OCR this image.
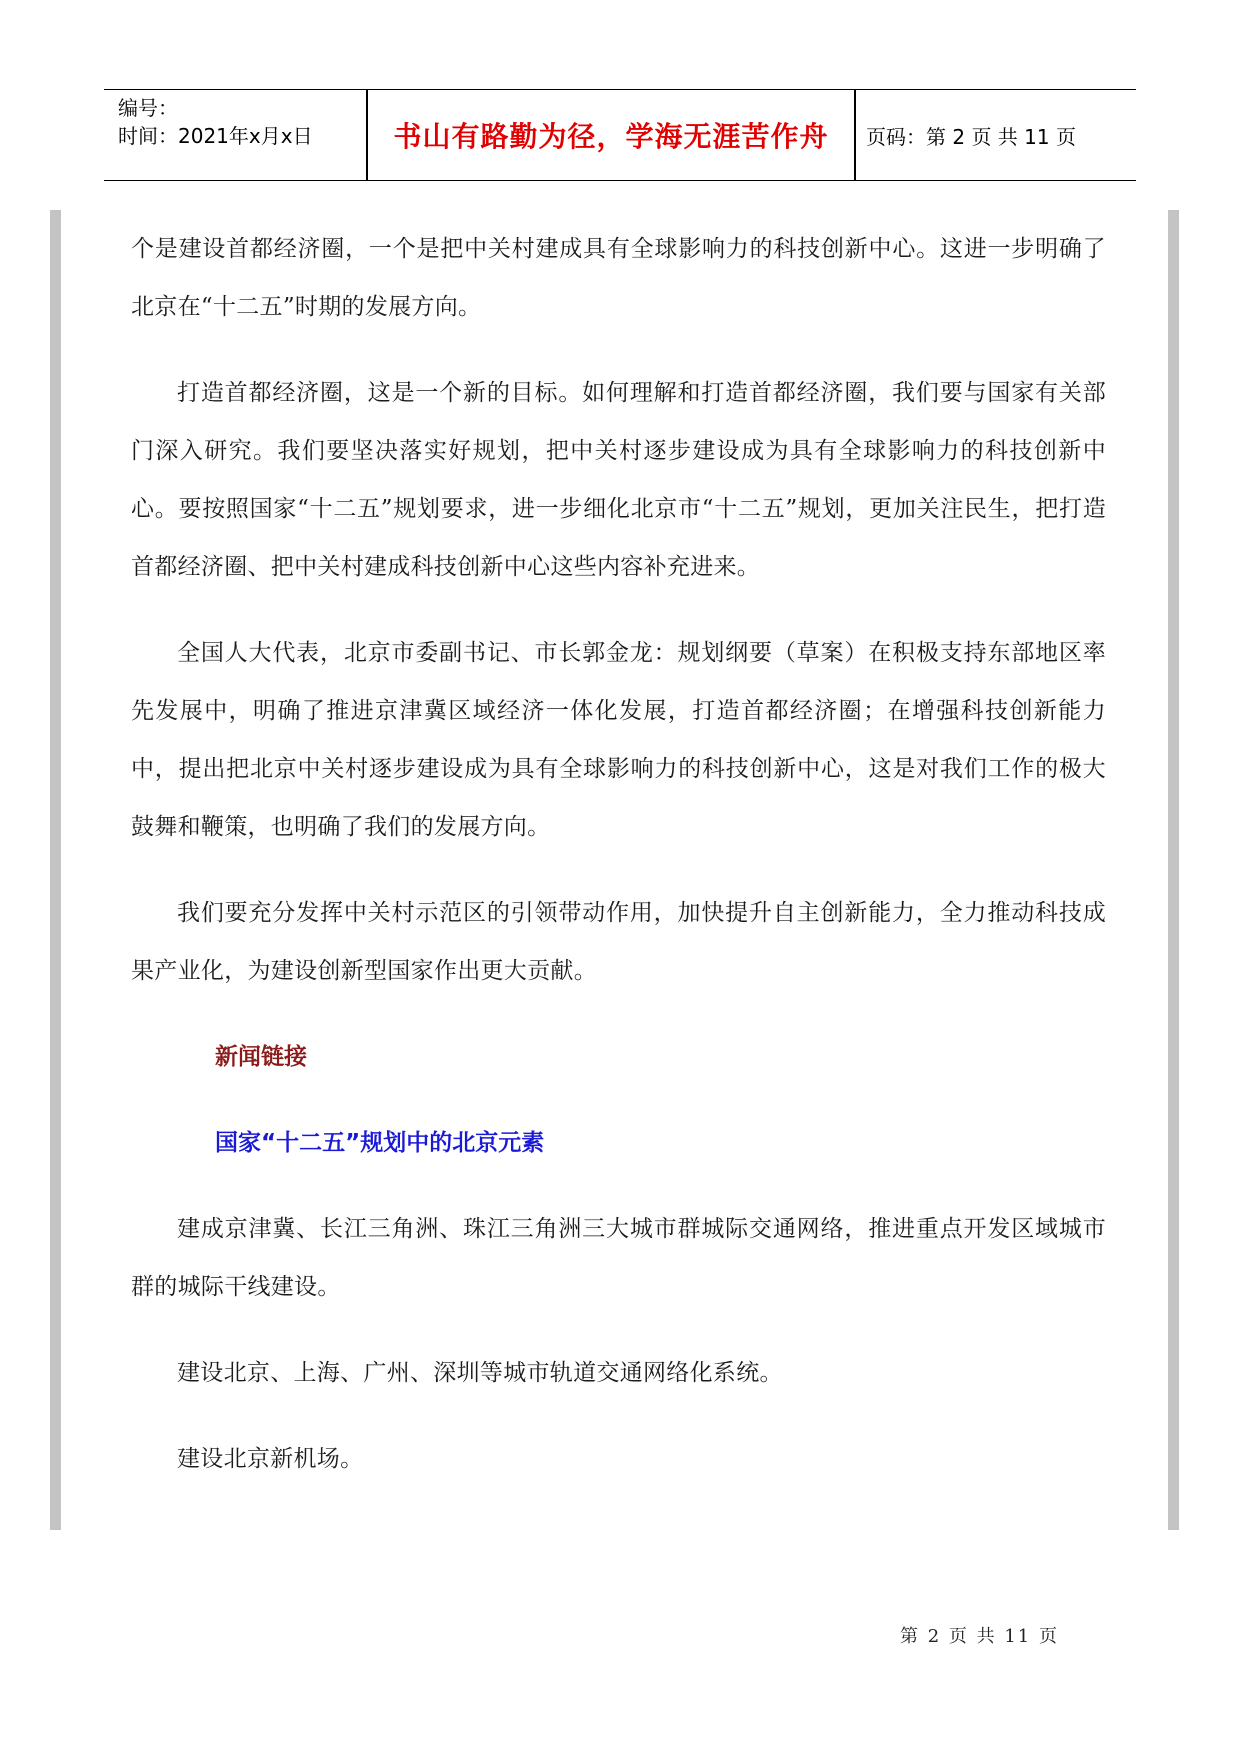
编号：
时间：2021年x月x日	书山有路勤为径，学海无涯苦作舟	页码：第 2 页 共 11 页

个是建设首都经济圈，一个是把中关村建成具有全球影响力的科技创新中心。这进一步明确了北京在“十二五”时期的发展方向。

打造首都经济圈，这是一个新的目标。如何理解和打造首都经济圈，我们要与国家有关部门深入研究。我们要坚决落实好规划，把中关村逐步建设成为具有全球影响力的科技创新中心。要按照国家“十二五”规划要求，进一步细化北京市“十二五”规划，更加关注民生，把打造首都经济圈、把中关村建成科技创新中心这些内容补充进来。

全国人大代表，北京市委副书记、市长郭金龙：规划纲要（草案）在积极支持东部地区率先发展中，明确了推进京津冀区域经济一体化发展，打造首都经济圈；在增强科技创新能力中，提出把北京中关村逐步建设成为具有全球影响力的科技创新中心，这是对我们工作的极大鼓舞和鞭策，也明确了我们的发展方向。

我们要充分发挥中关村示范区的引领带动作用，加快提升自主创新能力，全力推动科技成果产业化，为建设创新型国家作出更大贡献。

新闻链接
国家“十二五”规划中的北京元素

建成京津冀、长江三角洲、珠江三角洲三大城市群城际交通网络，推进重点开发区域城市群的城际干线建设。

建设北京、上海、广州、深圳等城市轨道交通网络化系统。

建设北京新机场。

第 2 页 共 11 页
